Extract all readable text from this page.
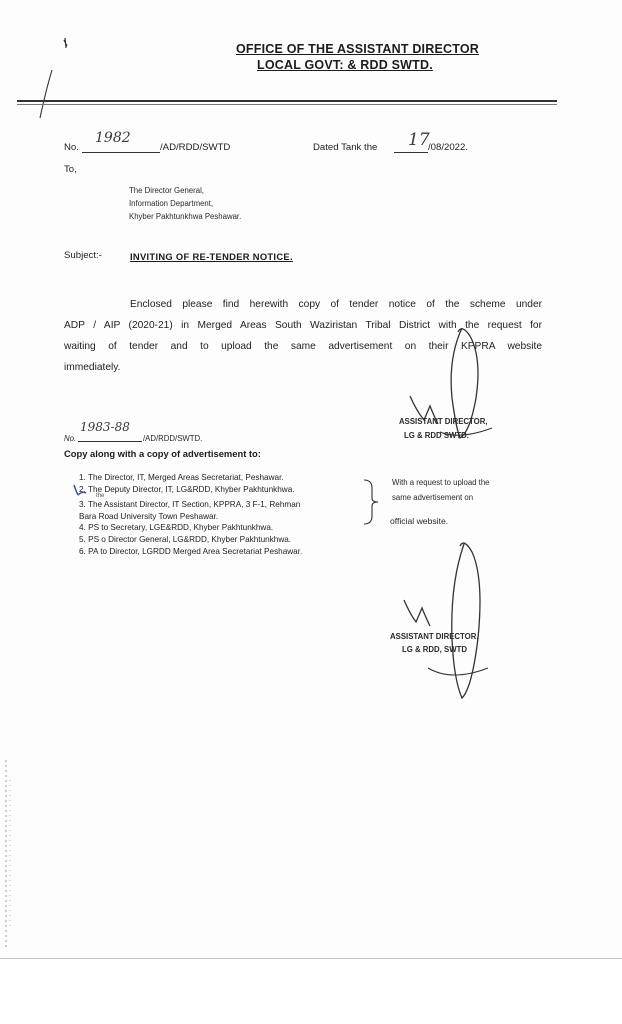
OFFICE OF THE ASSISTANT DIRECTOR
LOCAL GOVT: & RDD SWTD.
No.
1982
/AD/RDD/SWTD	Dated Tank the 17
/08/2022.
To,
The Director General,
Information Department,
Khyber Pakhtunkhwa Peshawar.
Subject:-	INVITING OF RE-TENDER NOTICE.
Enclosed please find herewith copy of tender notice of the scheme under
ADP / AIP (2020-21) in Merged Areas South Waziristan Tribal District with the request for
waiting of tender and to upload the same advertisement on their KPPRA website
immediately.
ASSISTANT DIRECTOR,
LG & RDD SWTD.
No.
1983-88
/AD/RDD/SWTD.
Copy along with a copy of advertisement to:
1. The Director, IT, Merged Areas Secretariat, Peshawar.
2. The Deputy Director, IT, LG&RDD, Khyber Pakhtunkhwa.
3. The Assistant Director, IT Section, KPPRA, 3 F-1, Rehman
Bara Road University Town Peshawar.
4. PS to Secretary, LGE&RDD, Khyber Pakhtunkhwa.
5. PS o Director General, LG&RDD, Khyber Pakhtunkhwa.
6. PA to Director, LGRDD Merged Area Secretariat Peshawar.
the
With a request to upload the
same advertisement on
official website.
ASSISTANT DIRECTOR,
LG & RDD, SWTD
